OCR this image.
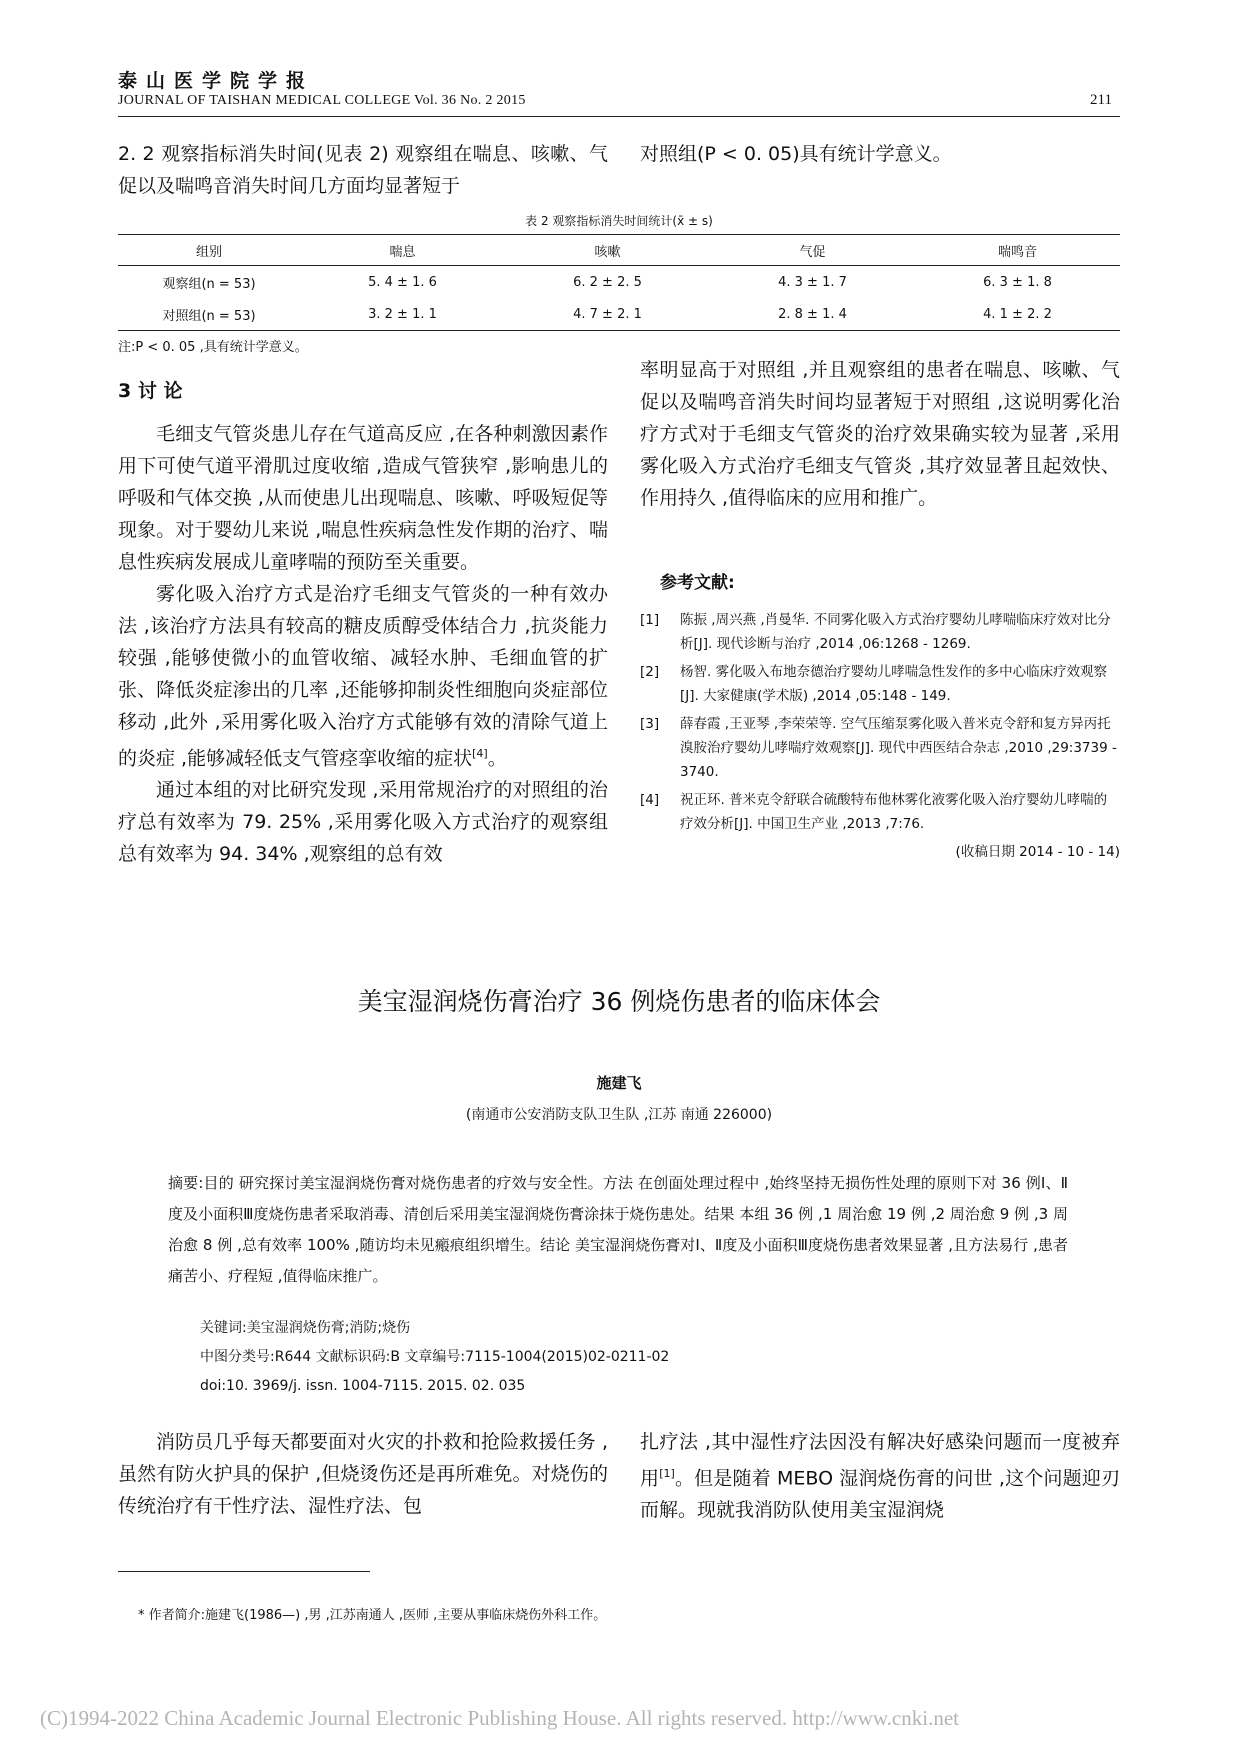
泰山医学院学报
JOURNAL OF TAISHAN MEDICAL COLLEGE Vol. 36 No. 2 2015	211

2. 2 观察指标消失时间(见表 2) 观察组在喘息、咳嗽、气促以及喘鸣音消失时间几方面均显著短于

对照组(P < 0. 05)具有统计学意义。

表 2 观察指标消失时间统计(x̄ ± s)
组别	喘息	咳嗽	气促	喘鸣音
观察组(n = 53)	5. 4 ± 1. 6	6. 2 ± 2. 5	4. 3 ± 1. 7	6. 3 ± 1. 8
对照组(n = 53)	3. 2 ± 1. 1	4. 7 ± 2. 1	2. 8 ± 1. 4	4. 1 ± 2. 2
注:P < 0. 05 ,具有统计学意义。
3 讨 论

毛细支气管炎患儿存在气道高反应 ,在各种刺激因素作用下可使气道平滑肌过度收缩 ,造成气管狭窄 ,影响患儿的呼吸和气体交换 ,从而使患儿出现喘息、咳嗽、呼吸短促等现象。对于婴幼儿来说 ,喘息性疾病急性发作期的治疗、喘息性疾病发展成儿童哮喘的预防至关重要。

雾化吸入治疗方式是治疗毛细支气管炎的一种有效办法 ,该治疗方法具有较高的糖皮质醇受体结合力 ,抗炎能力较强 ,能够使微小的血管收缩、减轻水肿、毛细血管的扩张、降低炎症渗出的几率 ,还能够抑制炎性细胞向炎症部位移动 ,此外 ,采用雾化吸入治疗方式能够有效的清除气道上的炎症 ,能够减轻低支气管痉挛收缩的症状[4]。

通过本组的对比研究发现 ,采用常规治疗的对照组的治疗总有效率为 79. 25% ,采用雾化吸入方式治疗的观察组总有效率为 94. 34% ,观察组的总有效

率明显高于对照组 ,并且观察组的患者在喘息、咳嗽、气促以及喘鸣音消失时间均显著短于对照组 ,这说明雾化治疗方式对于毛细支气管炎的治疗效果确实较为显著 ,采用雾化吸入方式治疗毛细支气管炎 ,其疗效显著且起效快、作用持久 ,值得临床的应用和推广。

参考文献:
[1]	陈振 ,周兴燕 ,肖曼华. 不同雾化吸入方式治疗婴幼儿哮喘临床疗效对比分析[J]. 现代诊断与治疗 ,2014 ,06:1268 - 1269.
[2]	杨智. 雾化吸入布地奈德治疗婴幼儿哮喘急性发作的多中心临床疗效观察[J]. 大家健康(学术版) ,2014 ,05:148 - 149.
[3]	薛春霞 ,王亚琴 ,李荣荣等. 空气压缩泵雾化吸入普米克令舒和复方异丙托溴胺治疗婴幼儿哮喘疗效观察[J]. 现代中西医结合杂志 ,2010 ,29:3739 - 3740.
[4]	祝正环. 普米克令舒联合硫酸特布他林雾化液雾化吸入治疗婴幼儿哮喘的疗效分析[J]. 中国卫生产业 ,2013 ,7:76.
(收稿日期 2014 - 10 - 14)
美宝湿润烧伤膏治疗 36 例烧伤患者的临床体会
施建飞
(南通市公安消防支队卫生队 ,江苏 南通 226000)
摘要:目的 研究探讨美宝湿润烧伤膏对烧伤患者的疗效与安全性。方法 在创面处理过程中 ,始终坚持无损伤性处理的原则下对 36 例Ⅰ、Ⅱ度及小面积Ⅲ度烧伤患者采取消毒、清创后采用美宝湿润烧伤膏涂抹于烧伤患处。结果 本组 36 例 ,1 周治愈 19 例 ,2 周治愈 9 例 ,3 周治愈 8 例 ,总有效率 100% ,随访均未见瘢痕组织增生。结论 美宝湿润烧伤膏对Ⅰ、Ⅱ度及小面积Ⅲ度烧伤患者效果显著 ,且方法易行 ,患者痛苦小、疗程短 ,值得临床推广。
关键词:美宝湿润烧伤膏;消防;烧伤
中图分类号:R644 文献标识码:B 文章编号:7115-1004(2015)02-0211-02
doi:10. 3969/j. issn. 1004-7115. 2015. 02. 035

消防员几乎每天都要面对火灾的扑救和抢险救援任务 ,虽然有防火护具的保护 ,但烧烫伤还是再所难免。对烧伤的传统治疗有干性疗法、湿性疗法、包

扎疗法 ,其中湿性疗法因没有解决好感染问题而一度被弃用[1]。但是随着 MEBO 湿润烧伤膏的问世 ,这个问题迎刃而解。现就我消防队使用美宝湿润烧

* 作者简介:施建飞(1986—) ,男 ,江苏南通人 ,医师 ,主要从事临床烧伤外科工作。
(C)1994-2022 China Academic Journal Electronic Publishing House. All rights reserved. http://www.cnki.net
